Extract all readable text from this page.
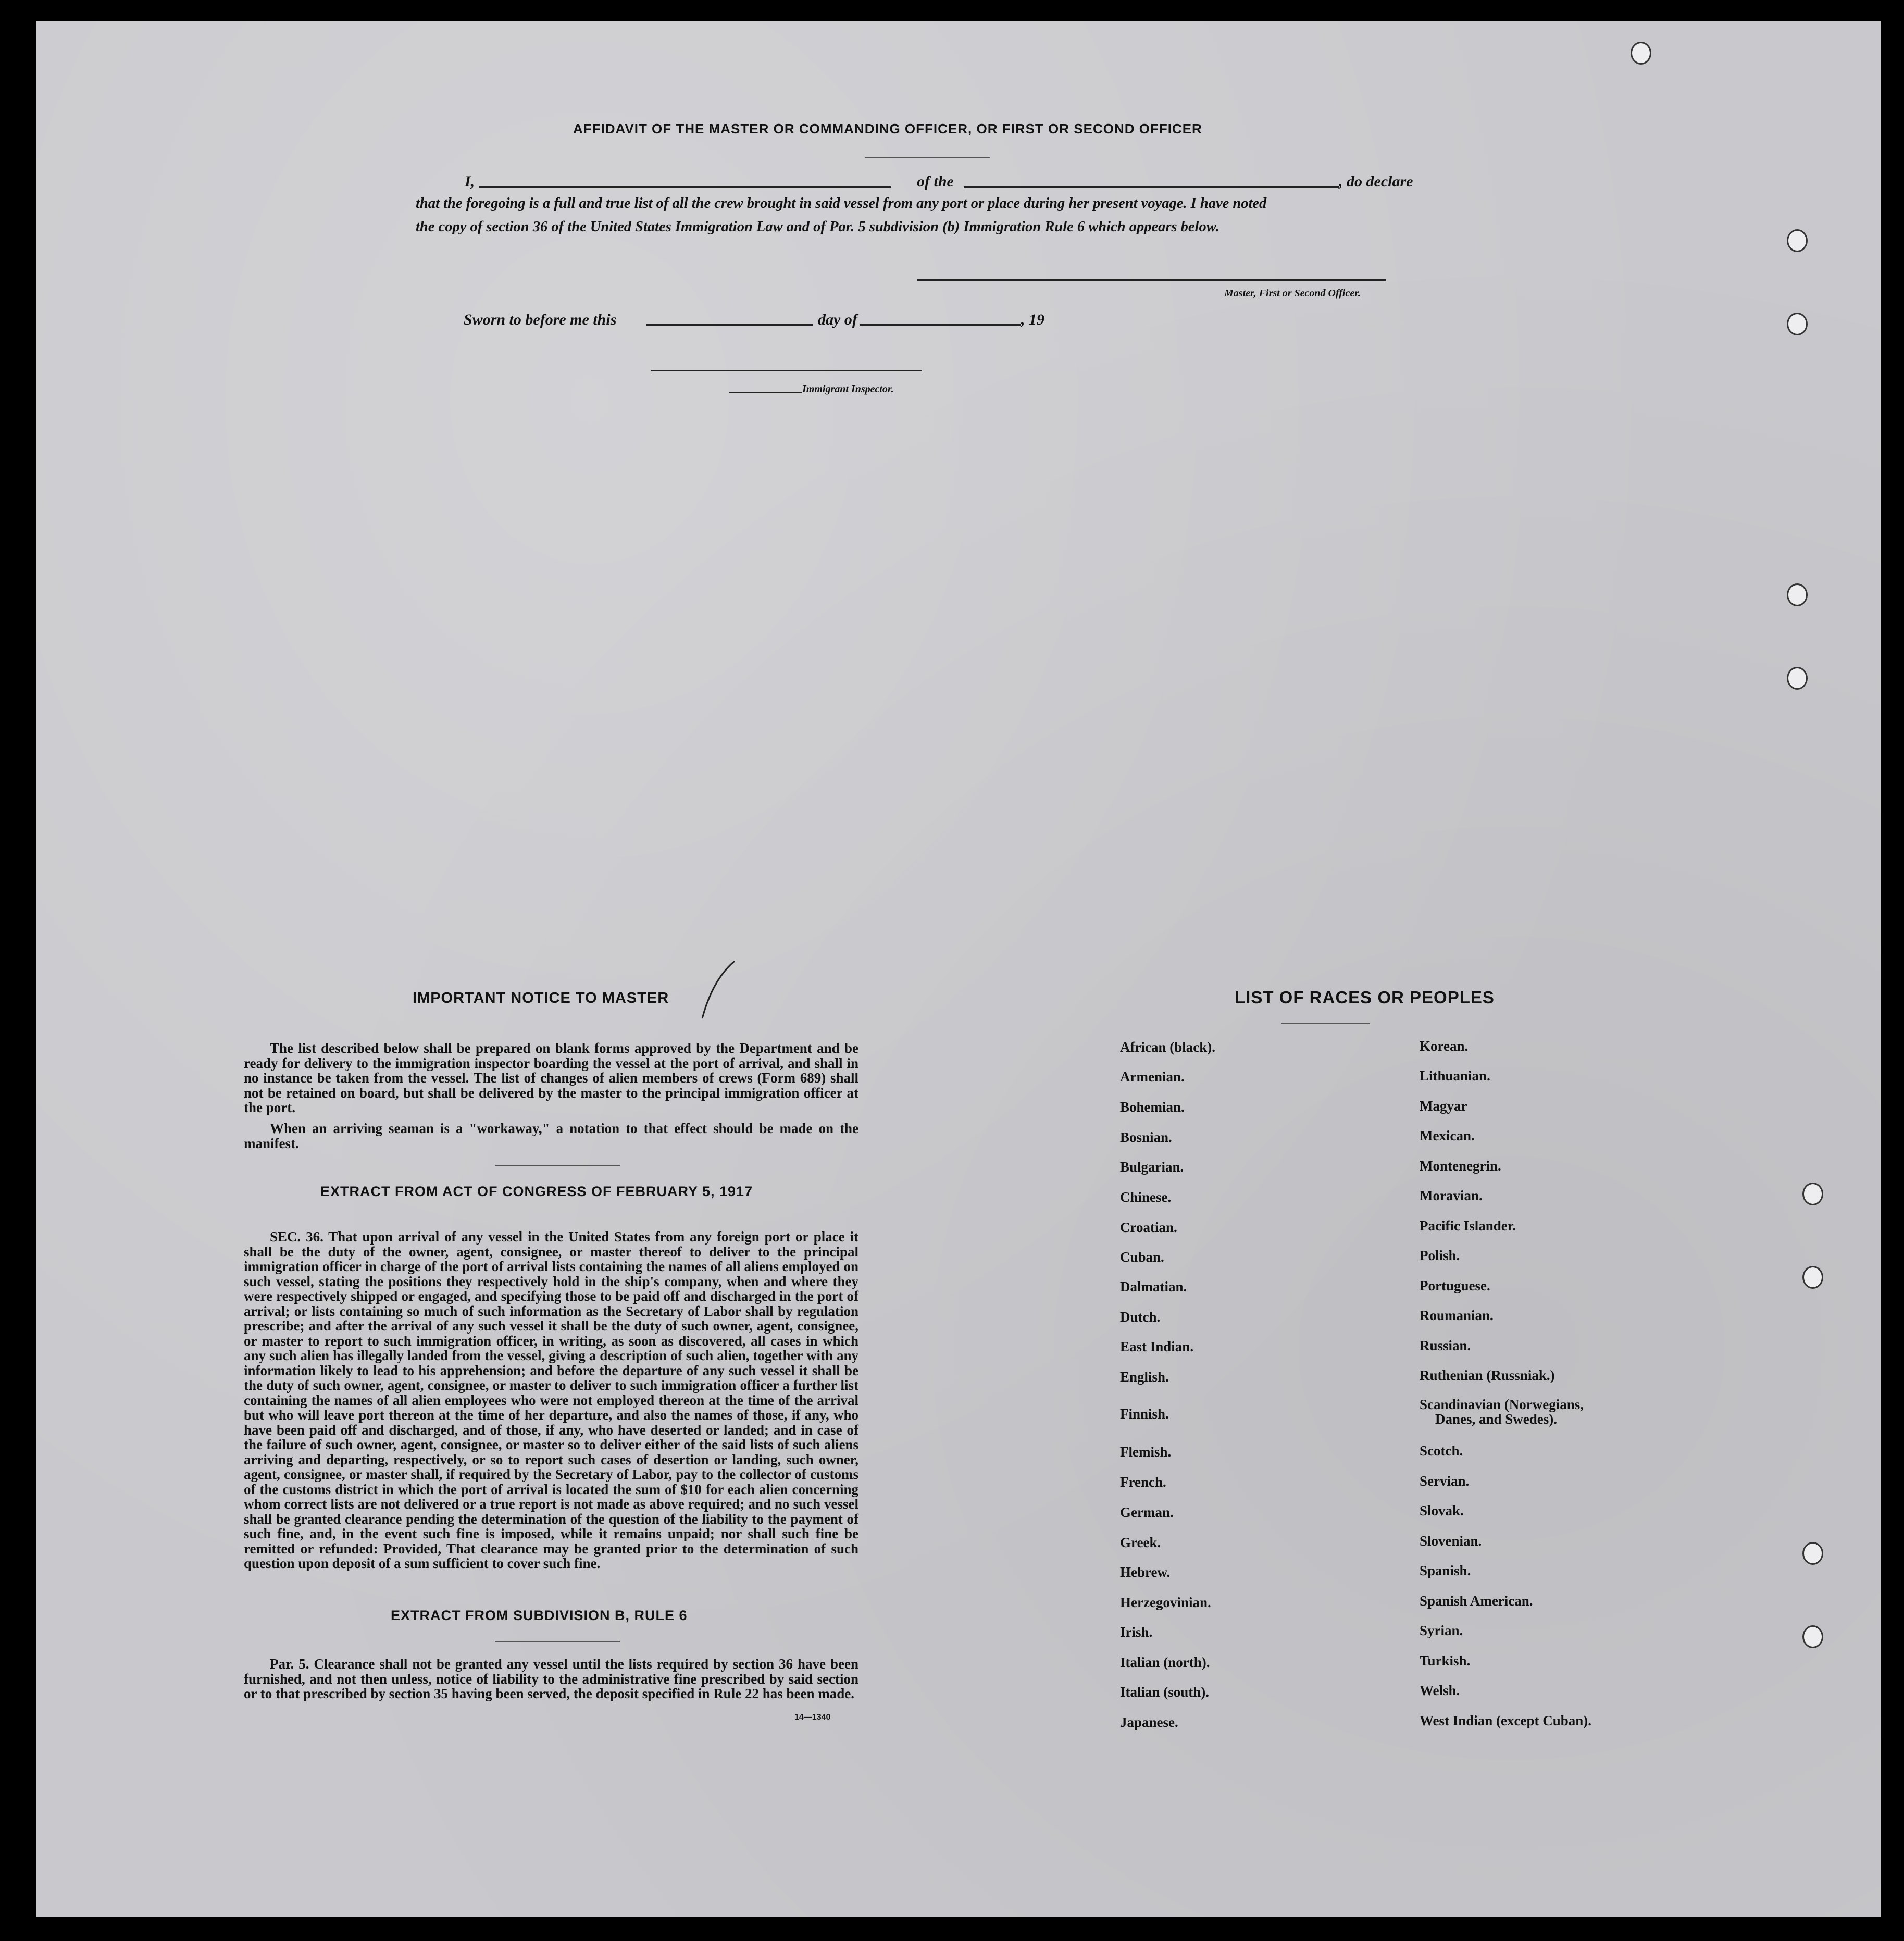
AFFIDAVIT OF THE MASTER OR COMMANDING OFFICER, OR FIRST OR SECOND OFFICER
I,	of the	, do declare
that the foregoing is a full and true list of all the crew brought in said vessel from any port or place during her present voyage. I have noted
the copy of section 36 of the United States Immigration Law and of Par. 5 subdivision (b) Immigration Rule 6 which appears below.
Master, First or Second Officer.
Sworn to before me this	day of	, 19
Immigrant Inspector.
IMPORTANT NOTICE TO MASTER
The list described below shall be prepared on blank forms approved by the Department and be ready for delivery to the immigration inspector boarding the vessel at the port of arrival, and shall in no instance be taken from the vessel. The list of changes of alien members of crews (Form 689) shall not be retained on board, but shall be delivered by the master to the principal immigration officer at the port.
When an arriving seaman is a "workaway," a notation to that effect should be made on the manifest.
EXTRACT FROM ACT OF CONGRESS OF FEBRUARY 5, 1917
SEC. 36. That upon arrival of any vessel in the United States from any foreign port or place it shall be the duty of the owner, agent, consignee, or master thereof to deliver to the principal immigration officer in charge of the port of arrival lists containing the names of all aliens employed on such vessel, stating the positions they respectively hold in the ship's company, when and where they were respectively shipped or engaged, and specifying those to be paid off and discharged in the port of arrival; or lists containing so much of such information as the Secretary of Labor shall by regulation prescribe; and after the arrival of any such vessel it shall be the duty of such owner, agent, consignee, or master to report to such immigration officer, in writing, as soon as discovered, all cases in which any such alien has illegally landed from the vessel, giving a description of such alien, together with any information likely to lead to his apprehension; and before the departure of any such vessel it shall be the duty of such owner, agent, consignee, or master to deliver to such immigration officer a further list containing the names of all alien employees who were not employed thereon at the time of the arrival but who will leave port thereon at the time of her departure, and also the names of those, if any, who have been paid off and discharged, and of those, if any, who have deserted or landed; and in case of the failure of such owner, agent, consignee, or master so to deliver either of the said lists of such aliens arriving and departing, respectively, or so to report such cases of desertion or landing, such owner, agent, consignee, or master shall, if required by the Secretary of Labor, pay to the collector of customs of the customs district in which the port of arrival is located the sum of $10 for each alien concerning whom correct lists are not delivered or a true report is not made as above required; and no such vessel shall be granted clearance pending the determination of the question of the liability to the payment of such fine, and, in the event such fine is imposed, while it remains unpaid; nor shall such fine be remitted or refunded: Provided, That clearance may be granted prior to the determination of such question upon deposit of a sum sufficient to cover such fine.
EXTRACT FROM SUBDIVISION B, RULE 6
Par. 5. Clearance shall not be granted any vessel until the lists required by section 36 have been furnished, and not then unless, notice of liability to the administrative fine prescribed by said section or to that prescribed by section 35 having been served, the deposit specified in Rule 22 has been made.
14—1340
LIST OF RACES OR PEOPLES
African (black).
Armenian.
Bohemian.
Bosnian.
Bulgarian.
Chinese.
Croatian.
Cuban.
Dalmatian.
Dutch.
East Indian.
English.
Finnish.
Flemish.
French.
German.
Greek.
Hebrew.
Herzegovinian.
Irish.
Italian (north).
Italian (south).
Japanese.
Korean.
Lithuanian.
Magyar
Mexican.
Montenegrin.
Moravian.
Pacific Islander.
Polish.
Portuguese.
Roumanian.
Russian.
Ruthenian (Russniak.)
Scandinavian (Norwegians,
Danes, and Swedes).
Scotch.
Servian.
Slovak.
Slovenian.
Spanish.
Spanish American.
Syrian.
Turkish.
Welsh.
West Indian (except Cuban).
